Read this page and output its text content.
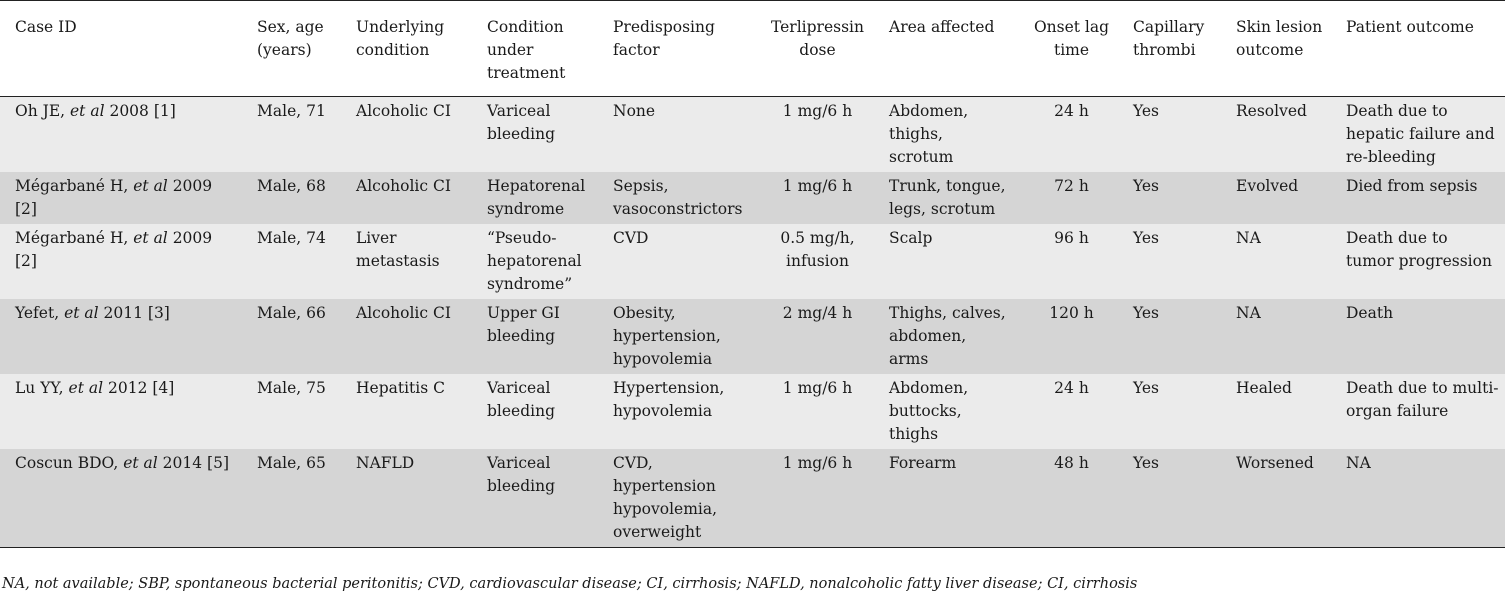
Case ID	Sex, age (years)	Underlying condition	Condition under treatment	Predisposing factor	Terlipressin dose	Area affected	Onset lag time	Capillary thrombi	Skin lesion outcome	Patient outcome
Oh JE, et al 2008 [1]	Male, 71	Alcoholic CI	Variceal bleeding	None	1 mg/6 h	Abdomen, thighs, scrotum	24 h	Yes	Resolved	Death due to hepatic failure and re-bleeding
Mégarbané H, et al 2009 [2]	Male, 68	Alcoholic CI	Hepatorenal syndrome	Sepsis, vasoconstrictors	1 mg/6 h	Trunk, tongue, legs, scrotum	72 h	Yes	Evolved	Died from sepsis
Mégarbané H, et al 2009 [2]	Male, 74	Liver metastasis	“Pseudo-hepatorenal syndrome”	CVD	0.5 mg/h, infusion	Scalp	96 h	Yes	NA	Death due to tumor progression
Yefet, et al 2011 [3]	Male, 66	Alcoholic CI	Upper GI bleeding	Obesity, hypertension, hypovolemia	2 mg/4 h	Thighs, calves, abdomen, arms	120 h	Yes	NA	Death
Lu YY, et al 2012 [4]	Male, 75	Hepatitis C	Variceal bleeding	Hypertension, hypovolemia	1 mg/6 h	Abdomen, buttocks, thighs	24 h	Yes	Healed	Death due to multi-organ failure
Coscun BDO, et al 2014 [5]	Male, 65	NAFLD	Variceal bleeding	CVD, hypertension hypovolemia, overweight	1 mg/6 h	Forearm	48 h	Yes	Worsened	NA
NA, not available; SBP, spontaneous bacterial peritonitis; CVD, cardiovascular disease; CI, cirrhosis; NAFLD, nonalcoholic fatty liver disease; CI, cirrhosis
